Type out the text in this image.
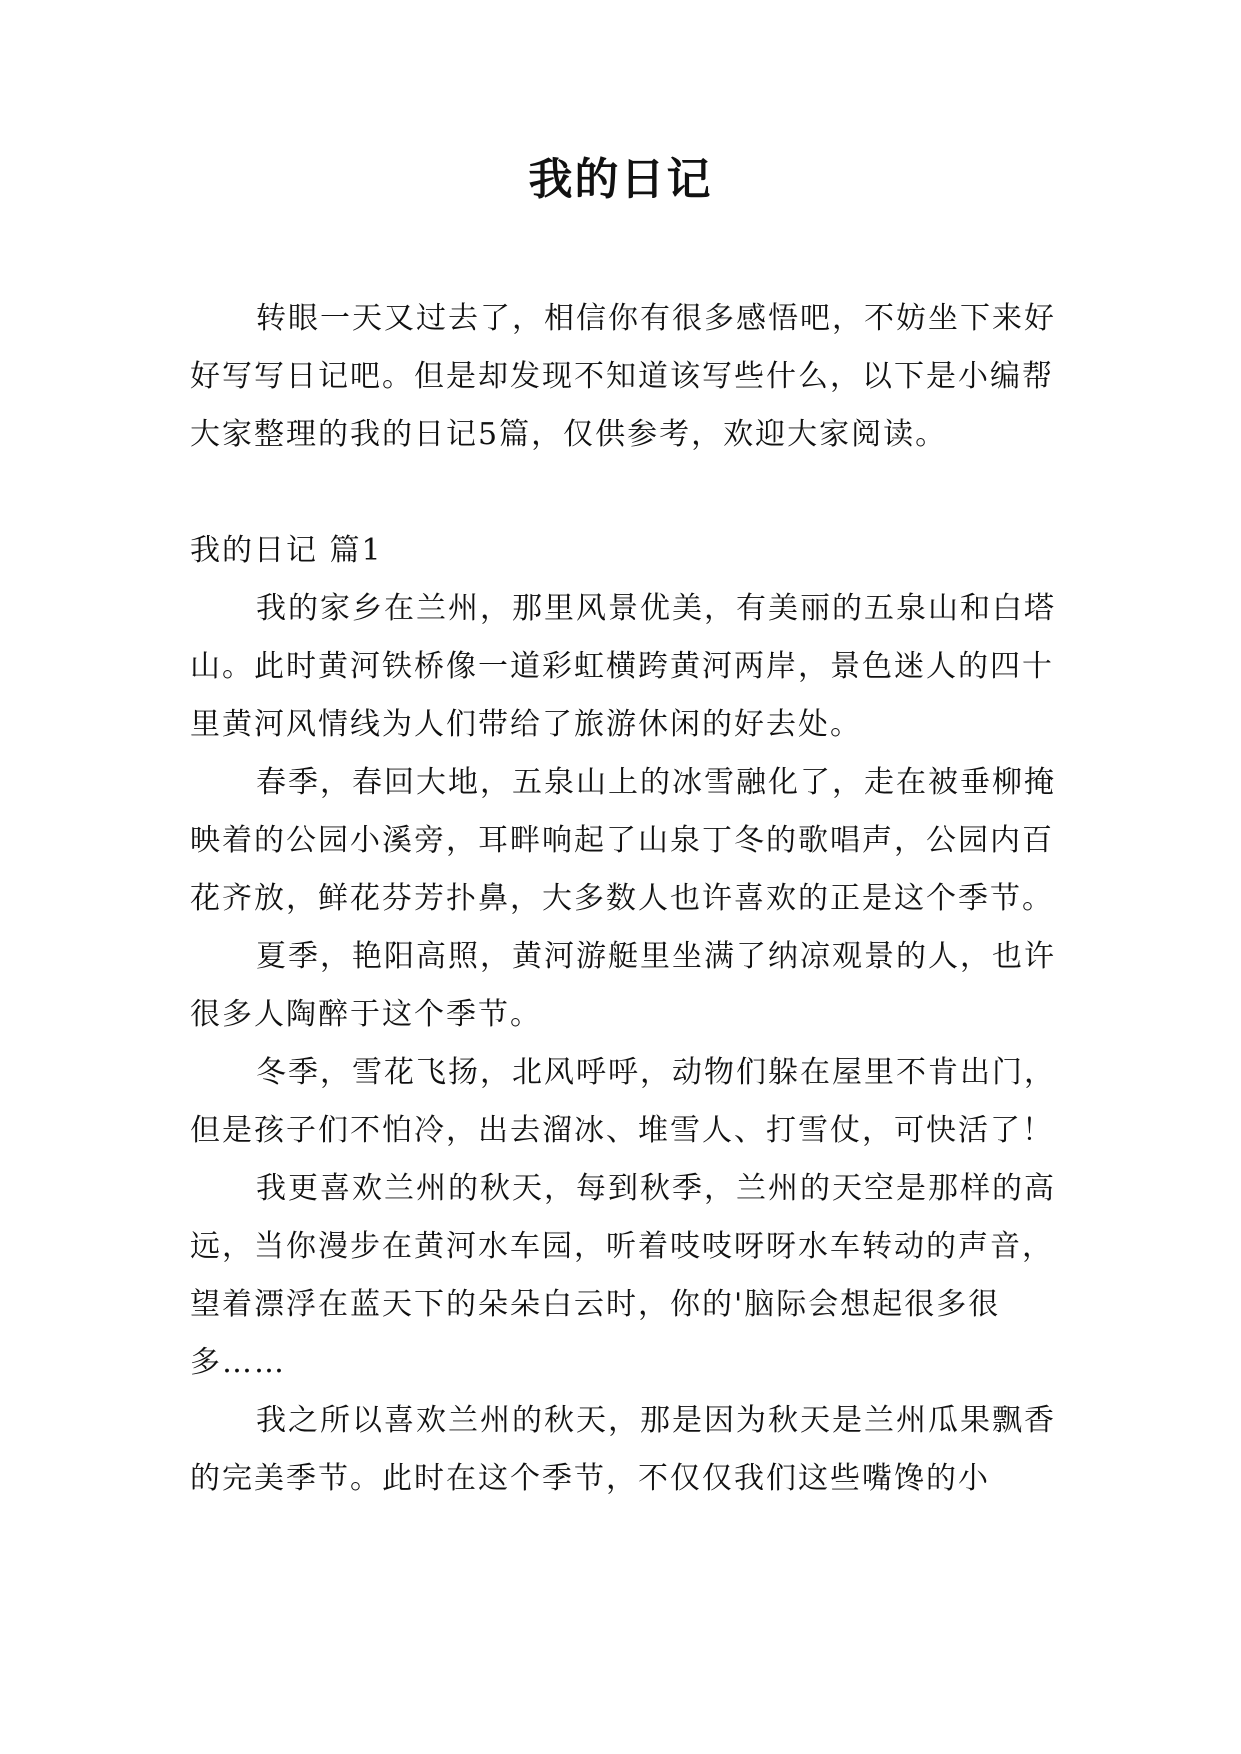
我的日记

转眼一天又过去了，相信你有很多感悟吧，不妨坐下来好好写写日记吧。但是却发现不知道该写些什么，以下是小编帮大家整理的我的日记5篇，仅供参考，欢迎大家阅读。

我的日记 篇1

我的家乡在兰州，那里风景优美，有美丽的五泉山和白塔山。此时黄河铁桥像一道彩虹横跨黄河两岸，景色迷人的四十里黄河风情线为人们带给了旅游休闲的好去处。

春季，春回大地，五泉山上的冰雪融化了，走在被垂柳掩映着的公园小溪旁，耳畔响起了山泉丁冬的歌唱声，公园内百花齐放，鲜花芬芳扑鼻，大多数人也许喜欢的正是这个季节。

夏季，艳阳高照，黄河游艇里坐满了纳凉观景的人，也许很多人陶醉于这个季节。

冬季，雪花飞扬，北风呼呼，动物们躲在屋里不肯出门，但是孩子们不怕冷，出去溜冰、堆雪人、打雪仗，可快活了！

我更喜欢兰州的秋天，每到秋季，兰州的天空是那样的高远，当你漫步在黄河水车园，听着吱吱呀呀水车转动的声音，望着漂浮在蓝天下的朵朵白云时，你的'脑际会想起很多很多……

我之所以喜欢兰州的秋天，那是因为秋天是兰州瓜果飘香的完美季节。此时在这个季节，不仅仅我们这些嘴馋的小
